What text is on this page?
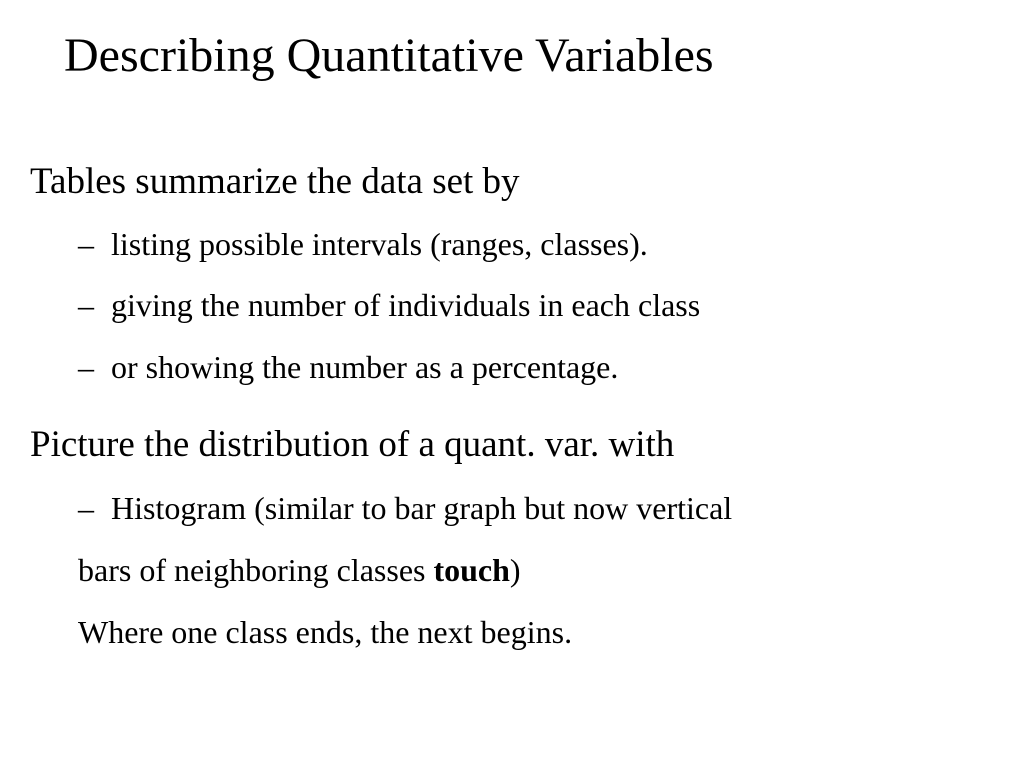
Describing Quantitative Variables
Tables summarize the data set by
– listing possible intervals (ranges, classes).
– giving the number of individuals in each class
– or showing the number as a percentage.
Picture the distribution of a quant. var. with
– Histogram (similar to bar graph but now vertical
bars of neighboring classes touch)
Where one class ends, the next begins.
